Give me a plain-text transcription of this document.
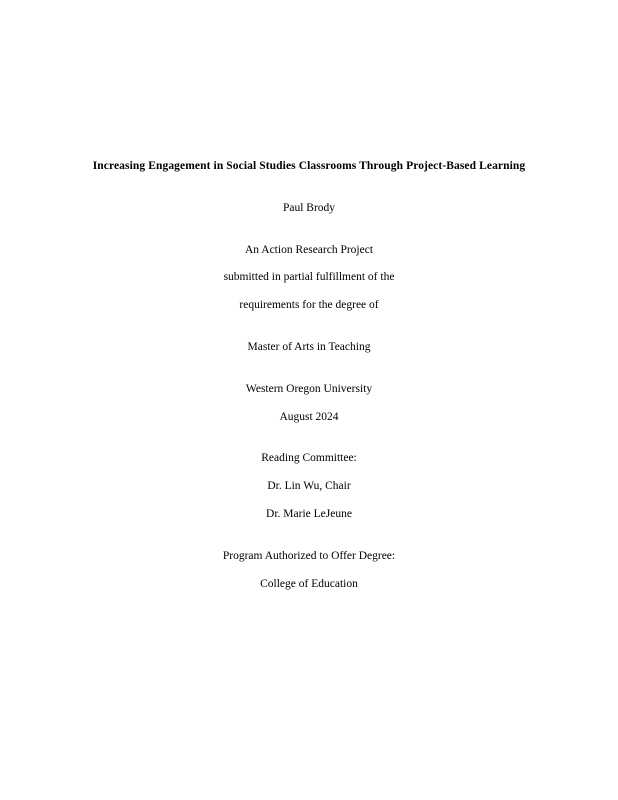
Increasing Engagement in Social Studies Classrooms Through Project-Based Learning

Paul Brody

An Action Research Project

submitted in partial fulfillment of the

requirements for the degree of

Master of Arts in Teaching

Western Oregon University

August 2024

Reading Committee:

Dr. Lin Wu, Chair

Dr. Marie LeJeune

Program Authorized to Offer Degree:

College of Education
